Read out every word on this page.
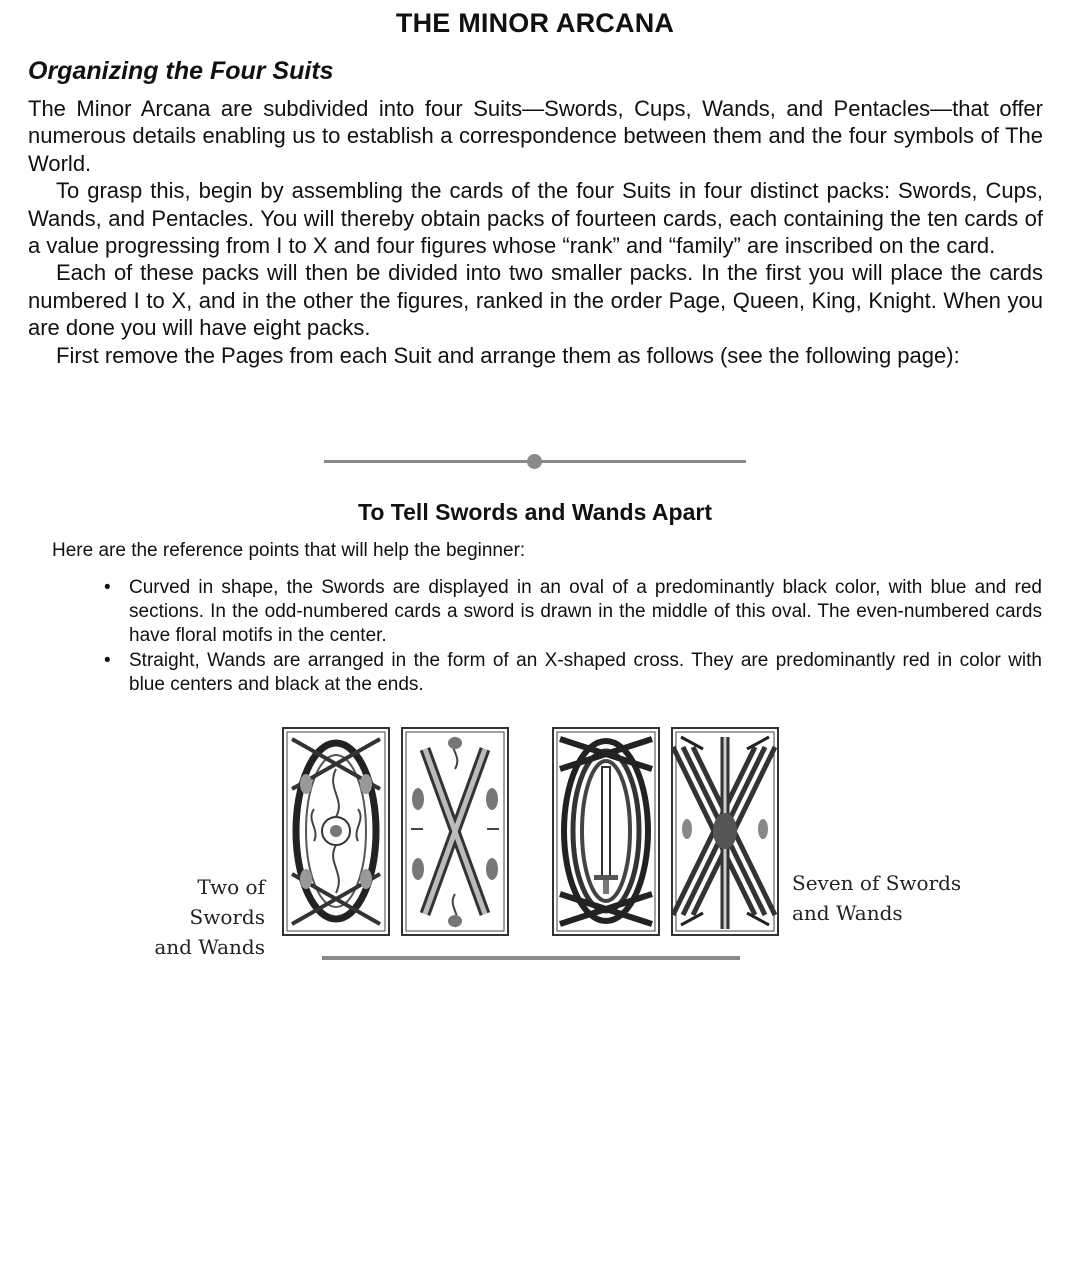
THE MINOR ARCANA
Organizing the Four Suits

The Minor Arcana are subdivided into four Suits—Swords, Cups, Wands, and Pentacles—that offer numerous details enabling us to establish a correspondence between them and the four symbols of The World.

To grasp this, begin by assembling the cards of the four Suits in four distinct packs: Swords, Cups, Wands, and Pentacles. You will thereby obtain packs of fourteen cards, each containing the ten cards of a value progressing from I to X and four figures whose “rank” and “family” are inscribed on the card.

Each of these packs will then be divided into two smaller packs. In the first you will place the cards numbered I to X, and in the other the figures, ranked in the order Page, Queen, King, Knight. When you are done you will have eight packs.

First remove the Pages from each Suit and arrange them as follows (see the following page):

To Tell Swords and Wands Apart
Here are the reference points that will help the beginner:
• Curved in shape, the Swords are displayed in an oval of a predominantly black color, with blue and red sections. In the odd-numbered cards a sword is drawn in the middle of this oval. The even-numbered cards have floral motifs in the center.
• Straight, Wands are arranged in the form of an X-shaped cross. They are predominantly red in color with blue centers and black at the ends.
Two of Swords
and Wands
Seven of Swords
and Wands
